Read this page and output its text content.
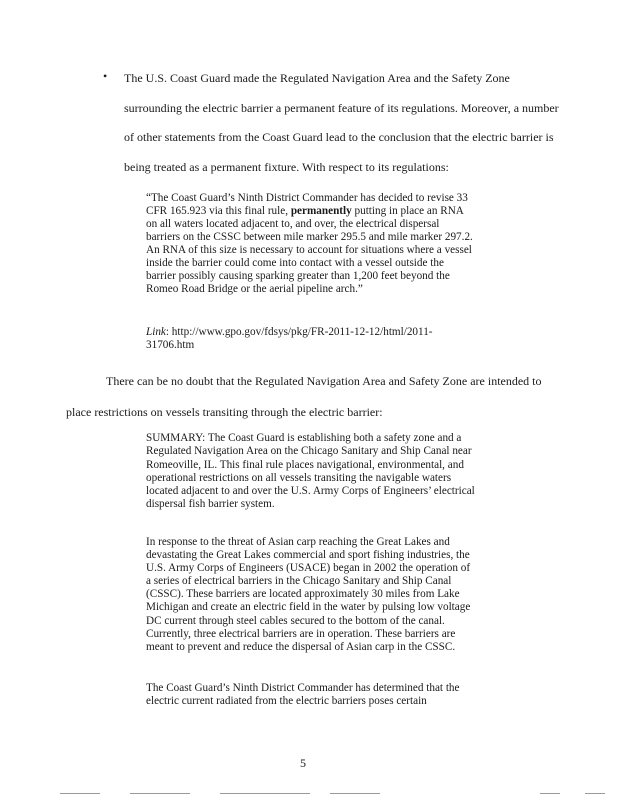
• The U.S. Coast Guard made the Regulated Navigation Area and the Safety Zone surrounding the electric barrier a permanent feature of its regulations. Moreover, a number of other statements from the Coast Guard lead to the conclusion that the electric barrier is being treated as a permanent fixture. With respect to its regulations:

“The Coast Guard’s Ninth District Commander has decided to revise 33 CFR 165.923 via this final rule, permanently putting in place an RNA on all waters located adjacent to, and over, the electrical dispersal barriers on the CSSC between mile marker 295.5 and mile marker 297.2. An RNA of this size is necessary to account for situations where a vessel inside the barrier could come into contact with a vessel outside the barrier possibly causing sparking greater than 1,200 feet beyond the Romeo Road Bridge or the aerial pipeline arch.”

Link: http://www.gpo.gov/fdsys/pkg/FR-2011-12-12/html/2011-31706.htm

There can be no doubt that the Regulated Navigation Area and Safety Zone are intended to place restrictions on vessels transiting through the electric barrier:

SUMMARY: The Coast Guard is establishing both a safety zone and a Regulated Navigation Area on the Chicago Sanitary and Ship Canal near Romeoville, IL. This final rule places navigational, environmental, and operational restrictions on all vessels transiting the navigable waters located adjacent to and over the U.S. Army Corps of Engineers’ electrical dispersal fish barrier system.

In response to the threat of Asian carp reaching the Great Lakes and devastating the Great Lakes commercial and sport fishing industries, the U.S. Army Corps of Engineers (USACE) began in 2002 the operation of a series of electrical barriers in the Chicago Sanitary and Ship Canal (CSSC). These barriers are located approximately 30 miles from Lake Michigan and create an electric field in the water by pulsing low voltage DC current through steel cables secured to the bottom of the canal. Currently, three electrical barriers are in operation. These barriers are meant to prevent and reduce the dispersal of Asian carp in the CSSC.

The Coast Guard’s Ninth District Commander has determined that the electric current radiated from the electric barriers poses certain

5
